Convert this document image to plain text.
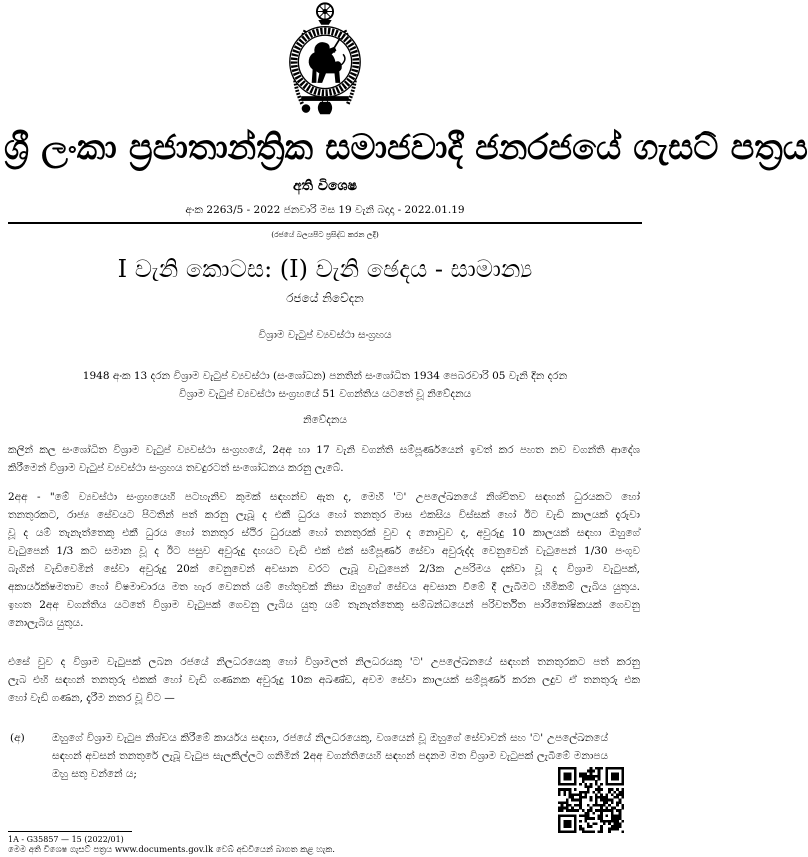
ශ්‍රී ලංකා ප්‍රජාතාන්ත්‍රික සමාජවාදී ජනරජයේ ගැසට් පත්‍රය
අති විශෙෂ
අංක 2263/5 - 2022 ජනවාරි මස 19 වැනි බදාදා - 2022.01.19
(රජයේ බලයපිට ප්‍රසිද්ධ කරන ලදී)
I වැනි කොටස: (I) වැනි ඡෙදය - සාමාන්‍ය
රජයේ නිවේදන
විශ්‍රාම වැටුප් ව්‍යවස්ථා සංග්‍රහය
1948 අංක 13 දරන විශ්‍රාම වැටුප් ව්‍යවස්ථා (සංශෝධන) පනතින් සංශෝධිත 1934 පෙබරවාරි 05 වැනි දින දරන
විශ්‍රාම වැටුප් ව්‍යවස්ථා සංග්‍රහයේ 51 වගන්තිය යටතේ වූ නිවේදනය
නිවේදනය
කලින් කල සංශෝධිත විශ්‍රාම වැටුප් ව්‍යවස්ථා සංග්‍රහයේ, 2අඅ හා 17 වැනි වගන්ති සම්පූර්ණයෙන් ඉවත් කර පහත නව වගන්ති ආදේශ
කිරීමෙන් විශ්‍රාම වැටුප් ව්‍යවස්ථා සංග්‍රහය තවදුරටත් සංශෝධනය කරනු ලැබේ.
2අඅ - "මේ ව්‍යවස්ථා සංග්‍රහයෙහි පටහැනිව කුමක් සඳහන්ව ඇත ද, මෙහි 'ට' උපලේඛනයේ නිශ්චිතව සඳහන් ධුරයකට හෝ
තනතුරකට, රාජ්‍ය සේවයට පිටතින් පත් කරනු ලැබූ ද එකී ධුරය හෝ තනතුර මාස එකසිය විස්සක් හෝ ඊට වැඩි කාලයක් දැරුවා
වූ ද යම් තැනැත්තෙකු එකී ධුරය හෝ තනතුර ස්ථිර ධුරයක් හෝ තනතුරක් වුව ද නොවුව ද, අවුරුදු 10 කාලයක් සඳහා ඔහුගේ
වැටුපෙන් 1/3 කට සමාන වූ ද ඊට පසුව අවුරුදු දහයට වැඩි එක් එක් සම්පූර්ණ සේවා අවුරුද්ද වෙනුවෙන් වැටුපෙන් 1/30 පංගුව
බැගින් වැඩිවෙමින් සේවා අවුරුදු 20ක් වෙනුවෙන් අවසාන වරට ලැබූ වැටුපෙන් 2/3ක උපරිමය දක්වා වූ ද විශ්‍රාම වැටුපක්,
අකාර්යක්ෂමතාව හෝ විෂමාචාරය මත හැර වෙනත් යම් හේතුවක් නිසා ඔහුගේ සේවය අවසාන වීමේ දී ලැබීමට හිමිකම් ලැබිය යුතුය.
ඉහත 2අඅ වගන්තිය යටතේ විශ්‍රාම වැටුපක් ගෙවනු ලැබිය යුතු යම් තැනැත්තෙකු සම්බන්ධයෙන් පරිවර්තිත පාරිතෝෂිකයක් ගෙවනු
නොලැබිය යුතුය.
එසේ වුව ද විශ්‍රාම වැටුපක් ලබන රජයේ නිලධරයෙකු හෝ විශ්‍රාමලත් නිලධරයකු 'ට' උපලේඛනයේ සඳහන් තනතුරකට පත් කරනු
ලැබ එහි සඳහන් තනතුරු එකක් හෝ වැඩි ගණනක අවුරුදු 10ක අඛණ්ඩ, අවම සේවා කාලයක් සම්පූර්ණ කරන ලදුව ඒ තනතුරු එක
හෝ වැඩි ගණන, දැරීම නතර වූ විට —
(අ)	ඔහුගේ විශ්‍රාම වැටුප නිශ්චය කිරීමේ කාර්යය සඳහා, රජයේ නිලධරයෙකු, වශයෙන් වූ ඔහුගේ සේවාවන් සහ 'ට' උපලේඛනයේ
සඳහන් අවසන් තනතුරේ ලැබූ වැටුප සැලකිල්ලට ගනිමින් 2අඅ වගන්තියෙහි සඳහන් පදනම මත විශ්‍රාම වැටුපක් ලැබීමේ මනාපය
ඔහු සතු වන්නේ ය;
1A - G35857 — 15 (2022/01)
මෙම අති විශෙෂ ගැසට් පත්‍රය www.documents.gov.lk වෙබ් අඩවියෙන් බාගත කළ හැක.
